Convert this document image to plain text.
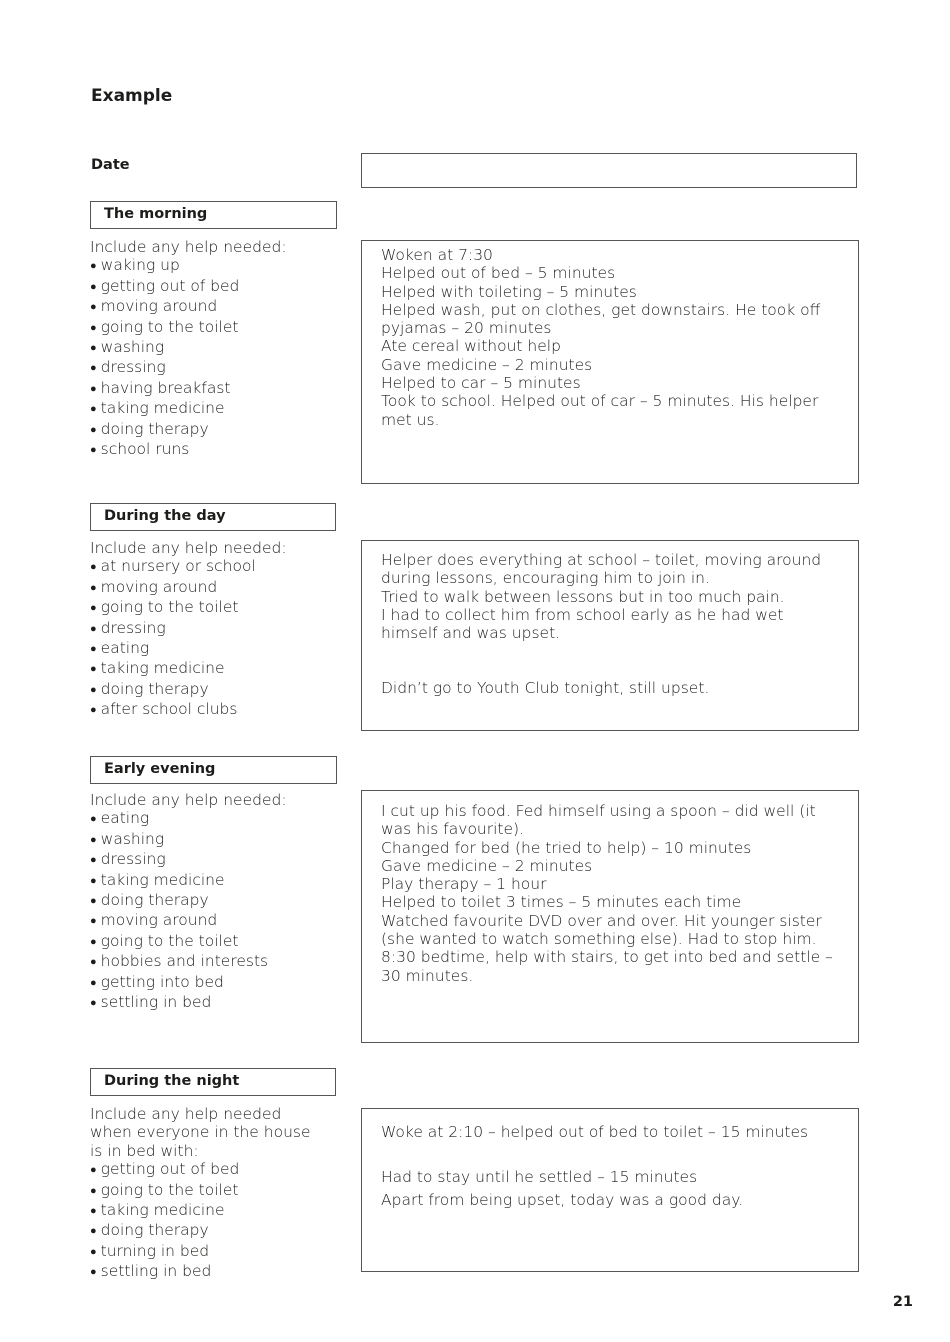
Example
Date
The morning
Include any help needed:
● waking up
● getting out of bed
● moving around
● going to the toilet
● washing
● dressing
● having breakfast
● taking medicine
● doing therapy
● school runs

Woken at 7:30

Helped out of bed – 5 minutes

Helped with toileting – 5 minutes

Helped wash, put on clothes, get downstairs. He took off pyjamas – 20 minutes

Ate cereal without help

Gave medicine – 2 minutes

Helped to car – 5 minutes

Took to school. Helped out of car – 5 minutes. His helper met us.

During the day
Include any help needed:
● at nursery or school
● moving around
● going to the toilet
● dressing
● eating
● taking medicine
● doing therapy
● after school clubs

Helper does everything at school – toilet, moving around during lessons, encouraging him to join in.

Tried to walk between lessons but in too much pain.

I had to collect him from school early as he had wet himself and was upset.

Didn’t go to Youth Club tonight, still upset.

Early evening
Include any help needed:
● eating
● washing
● dressing
● taking medicine
● doing therapy
● moving around
● going to the toilet
● hobbies and interests
● getting into bed
● settling in bed

I cut up his food. Fed himself using a spoon – did well (it was his favourite).

Changed for bed (he tried to help) – 10 minutes

Gave medicine – 2 minutes

Play therapy – 1 hour

Helped to toilet 3 times – 5 minutes each time

Watched favourite DVD over and over. Hit younger sister (she wanted to watch something else). Had to stop him.

8:30 bedtime, help with stairs, to get into bed and settle – 30 minutes.

During the night
Include any help needed when everyone in the house is in bed with:
● getting out of bed
● going to the toilet
● taking medicine
● doing therapy
● turning in bed
● settling in bed

Woke at 2:10 – helped out of bed to toilet – 15 minutes

Had to stay until he settled – 15 minutes

Apart from being upset, today was a good day.

21
